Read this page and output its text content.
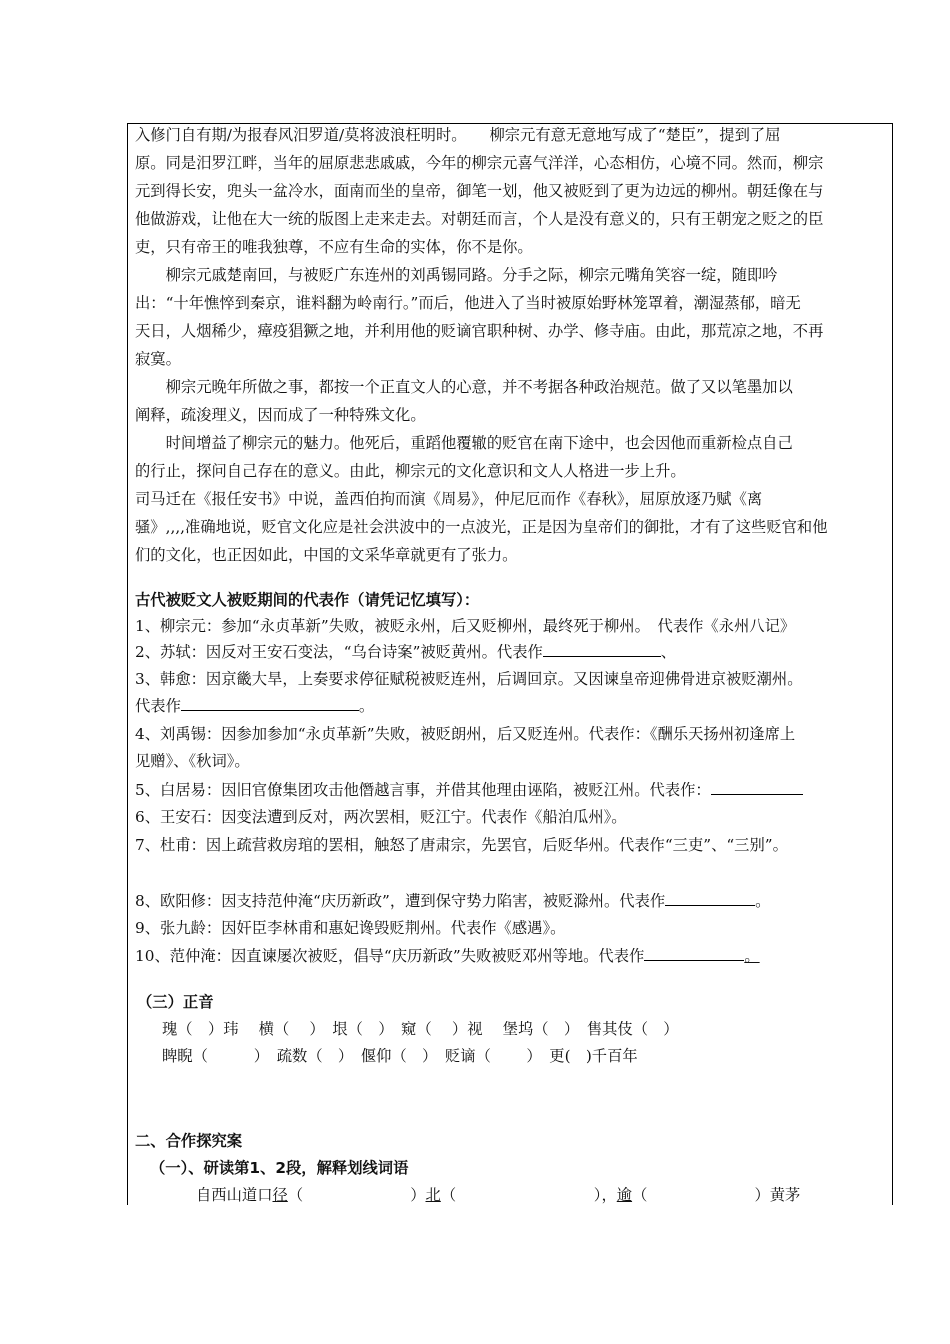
入修门自有期/为报春风汨罗道/莫将波浪枉明时。　　柳宗元有意无意地写成了“楚臣”，提到了屈
原。同是汨罗江畔，当年的屈原悲悲戚戚，今年的柳宗元喜气洋洋，心态相仿，心境不同。然而，柳宗
元到得长安，兜头一盆冷水，面南而坐的皇帝，御笔一划，他又被贬到了更为边远的柳州。朝廷像在与
他做游戏，让他在大一统的版图上走来走去。对朝廷而言，个人是没有意义的，只有王朝宠之贬之的臣
吏，只有帝王的唯我独尊，不应有生命的实体，你不是你。
　　柳宗元戚楚南回，与被贬广东连州的刘禹锡同路。分手之际，柳宗元嘴角笑容一绽，随即吟
出：“十年憔悴到秦京，谁料翻为岭南行。”而后，他进入了当时被原始野林笼罩着，潮湿蒸郁，暗无
天日，人烟稀少，瘴疫猖獗之地，并利用他的贬谪官职种树、办学、修寺庙。由此，那荒凉之地，不再
寂寞。
　　柳宗元晚年所做之事，都按一个正直文人的心意，并不考据各种政治规范。做了又以笔墨加以
阐释，疏浚理义，因而成了一种特殊文化。
　　时间增益了柳宗元的魅力。他死后，重蹈他覆辙的贬官在南下途中，也会因他而重新检点自己
的行止，探问自己存在的意义。由此，柳宗元的文化意识和文人人格进一步上升。
司马迁在《报任安书》中说，盖西伯拘而演《周易》，仲尼厄而作《春秋》，屈原放逐乃赋《离
骚》,,,,准确地说，贬官文化应是社会洪波中的一点波光，正是因为皇帝们的御批，才有了这些贬官和他
们的文化，也正因如此，中国的文采华章就更有了张力。
古代被贬文人被贬期间的代表作（请凭记忆填写）：
1、柳宗元：参加“永贞革新”失败，被贬永州，后又贬柳州，最终死于柳州。　代表作《永州八记》
2、苏轼：因反对王安石变法，“乌台诗案”被贬黄州。代表作	、
3、韩愈：因京畿大旱，上奏要求停征赋税被贬连州，后调回京。又因谏皇帝迎佛骨进京被贬潮州。
代表作	。
4、刘禹锡：因参加参加“永贞革新”失败，被贬朗州，后又贬连州。代表作：《酬乐天扬州初逢席上
见赠》、《秋词》。
5、白居易：因旧官僚集团攻击他僭越言事，并借其他理由诬陷，被贬江州。代表作：
6、王安石：因变法遭到反对，两次罢相，贬江宁。代表作《船泊瓜州》。
7、杜甫：因上疏营救房琯的罢相，触怒了唐肃宗，先罢官，后贬华州。代表作“三吏”、“三别”。
8、欧阳修：因支持范仲淹“庆历新政”，遭到保守势力陷害，被贬滁州。代表作	。
9、张九龄：因奸臣李林甫和惠妃谗毁贬荆州。代表作《感遇》。
10、范仲淹：因直谏屡次被贬，倡导“庆历新政”失败被贬邓州等地。代表作	。
（三）正音
瑰（　）玮　 横（　 ）　垠（　）　窥（　 ）视　 堡坞（　）　售其伎（　）
睥睨（　　　）　疏数（　）　偃仰（　）　贬谪（　　 ）　更(　)千百年
二、合作探究案
（一）、研读第1、2段，解释划线词语
自西山道口径（　　　　　　　）北（　　　　　　　　　），逾（　　　　　　　）黄茅
